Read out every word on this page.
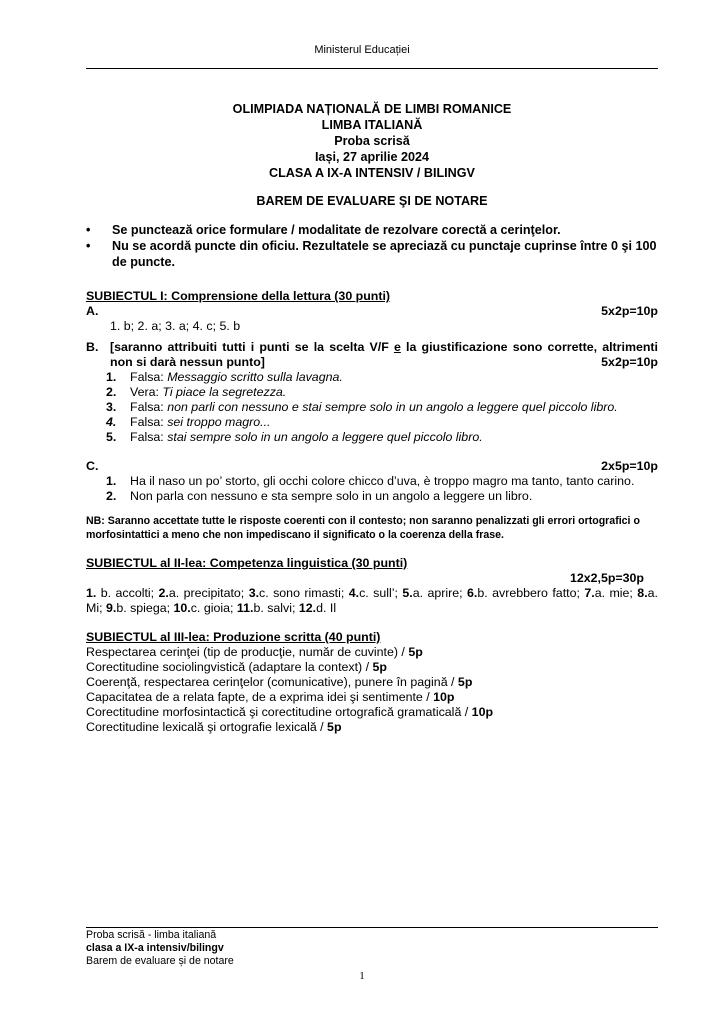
Ministerul Educației
OLIMPIADA NAȚIONALĂ DE LIMBI ROMANICE
LIMBA ITALIANĂ
Proba scrisă
Iași, 27 aprilie 2024
CLASA A IX-A INTENSIV / BILINGV
BAREM DE EVALUARE ŞI DE NOTARE
•	Se punctează orice formulare / modalitate de rezolvare corectă a cerinţelor.
•	Nu se acordă puncte din oficiu. Rezultatele se apreciază cu punctaje cuprinse între 0 şi 100 de puncte.
SUBIECTUL I: Comprensione della lettura (30 punti)
A.	5x2p=10p
1. b; 2. a; 3. a; 4. c; 5. b
B. [saranno attribuiti tutti i punti se la scelta V/F e la giustificazione sono corrette, altrimenti non si darà nessun punto]	5x2p=10p
1.	Falsa: Messaggio scritto sulla lavagna.
2.	Vera: Ti piace la segretezza.
3.	Falsa: non parli con nessuno e stai sempre solo in un angolo a leggere quel piccolo libro.
4.	Falsa: sei troppo magro...
5.	Falsa: stai sempre solo in un angolo a leggere quel piccolo libro.
C.	2x5p=10p
1.	Ha il naso un po’ storto, gli occhi colore chicco d’uva, è troppo magro ma tanto, tanto carino.
2.	Non parla con nessuno e sta sempre solo in un angolo a leggere un libro.
NB: Saranno accettate tutte le risposte coerenti con il contesto; non saranno penalizzati gli errori ortografici o morfosintattici a meno che non impediscano il significato o la coerenza della frase.
SUBIECTUL al II-lea: Competenza linguistica (30 punti)
12x2,5p=30p
1. b. accolti; 2.a. precipitato; 3.c. sono rimasti; 4.c. sull’; 5.a. aprire; 6.b. avrebbero fatto; 7.a. mie; 8.a. Mi; 9.b. spiega; 10.c. gioia; 11.b. salvi; 12.d. Il
SUBIECTUL al III-lea: Produzione scritta (40 punti)
Respectarea cerinţei (tip de producţie, număr de cuvinte) / 5p
Corectitudine sociolingvistică (adaptare la context) / 5p
Coerenţă, respectarea cerinţelor (comunicative), punere în pagină / 5p
Capacitatea de a relata fapte, de a exprima idei şi sentimente / 10p
Corectitudine morfosintactică şi corectitudine ortografică gramaticală / 10p
Corectitudine lexicală şi ortografie lexicală / 5p
Proba scrisă - limba italiană
clasa a IX-a intensiv/bilingv
Barem de evaluare și de notare
1
